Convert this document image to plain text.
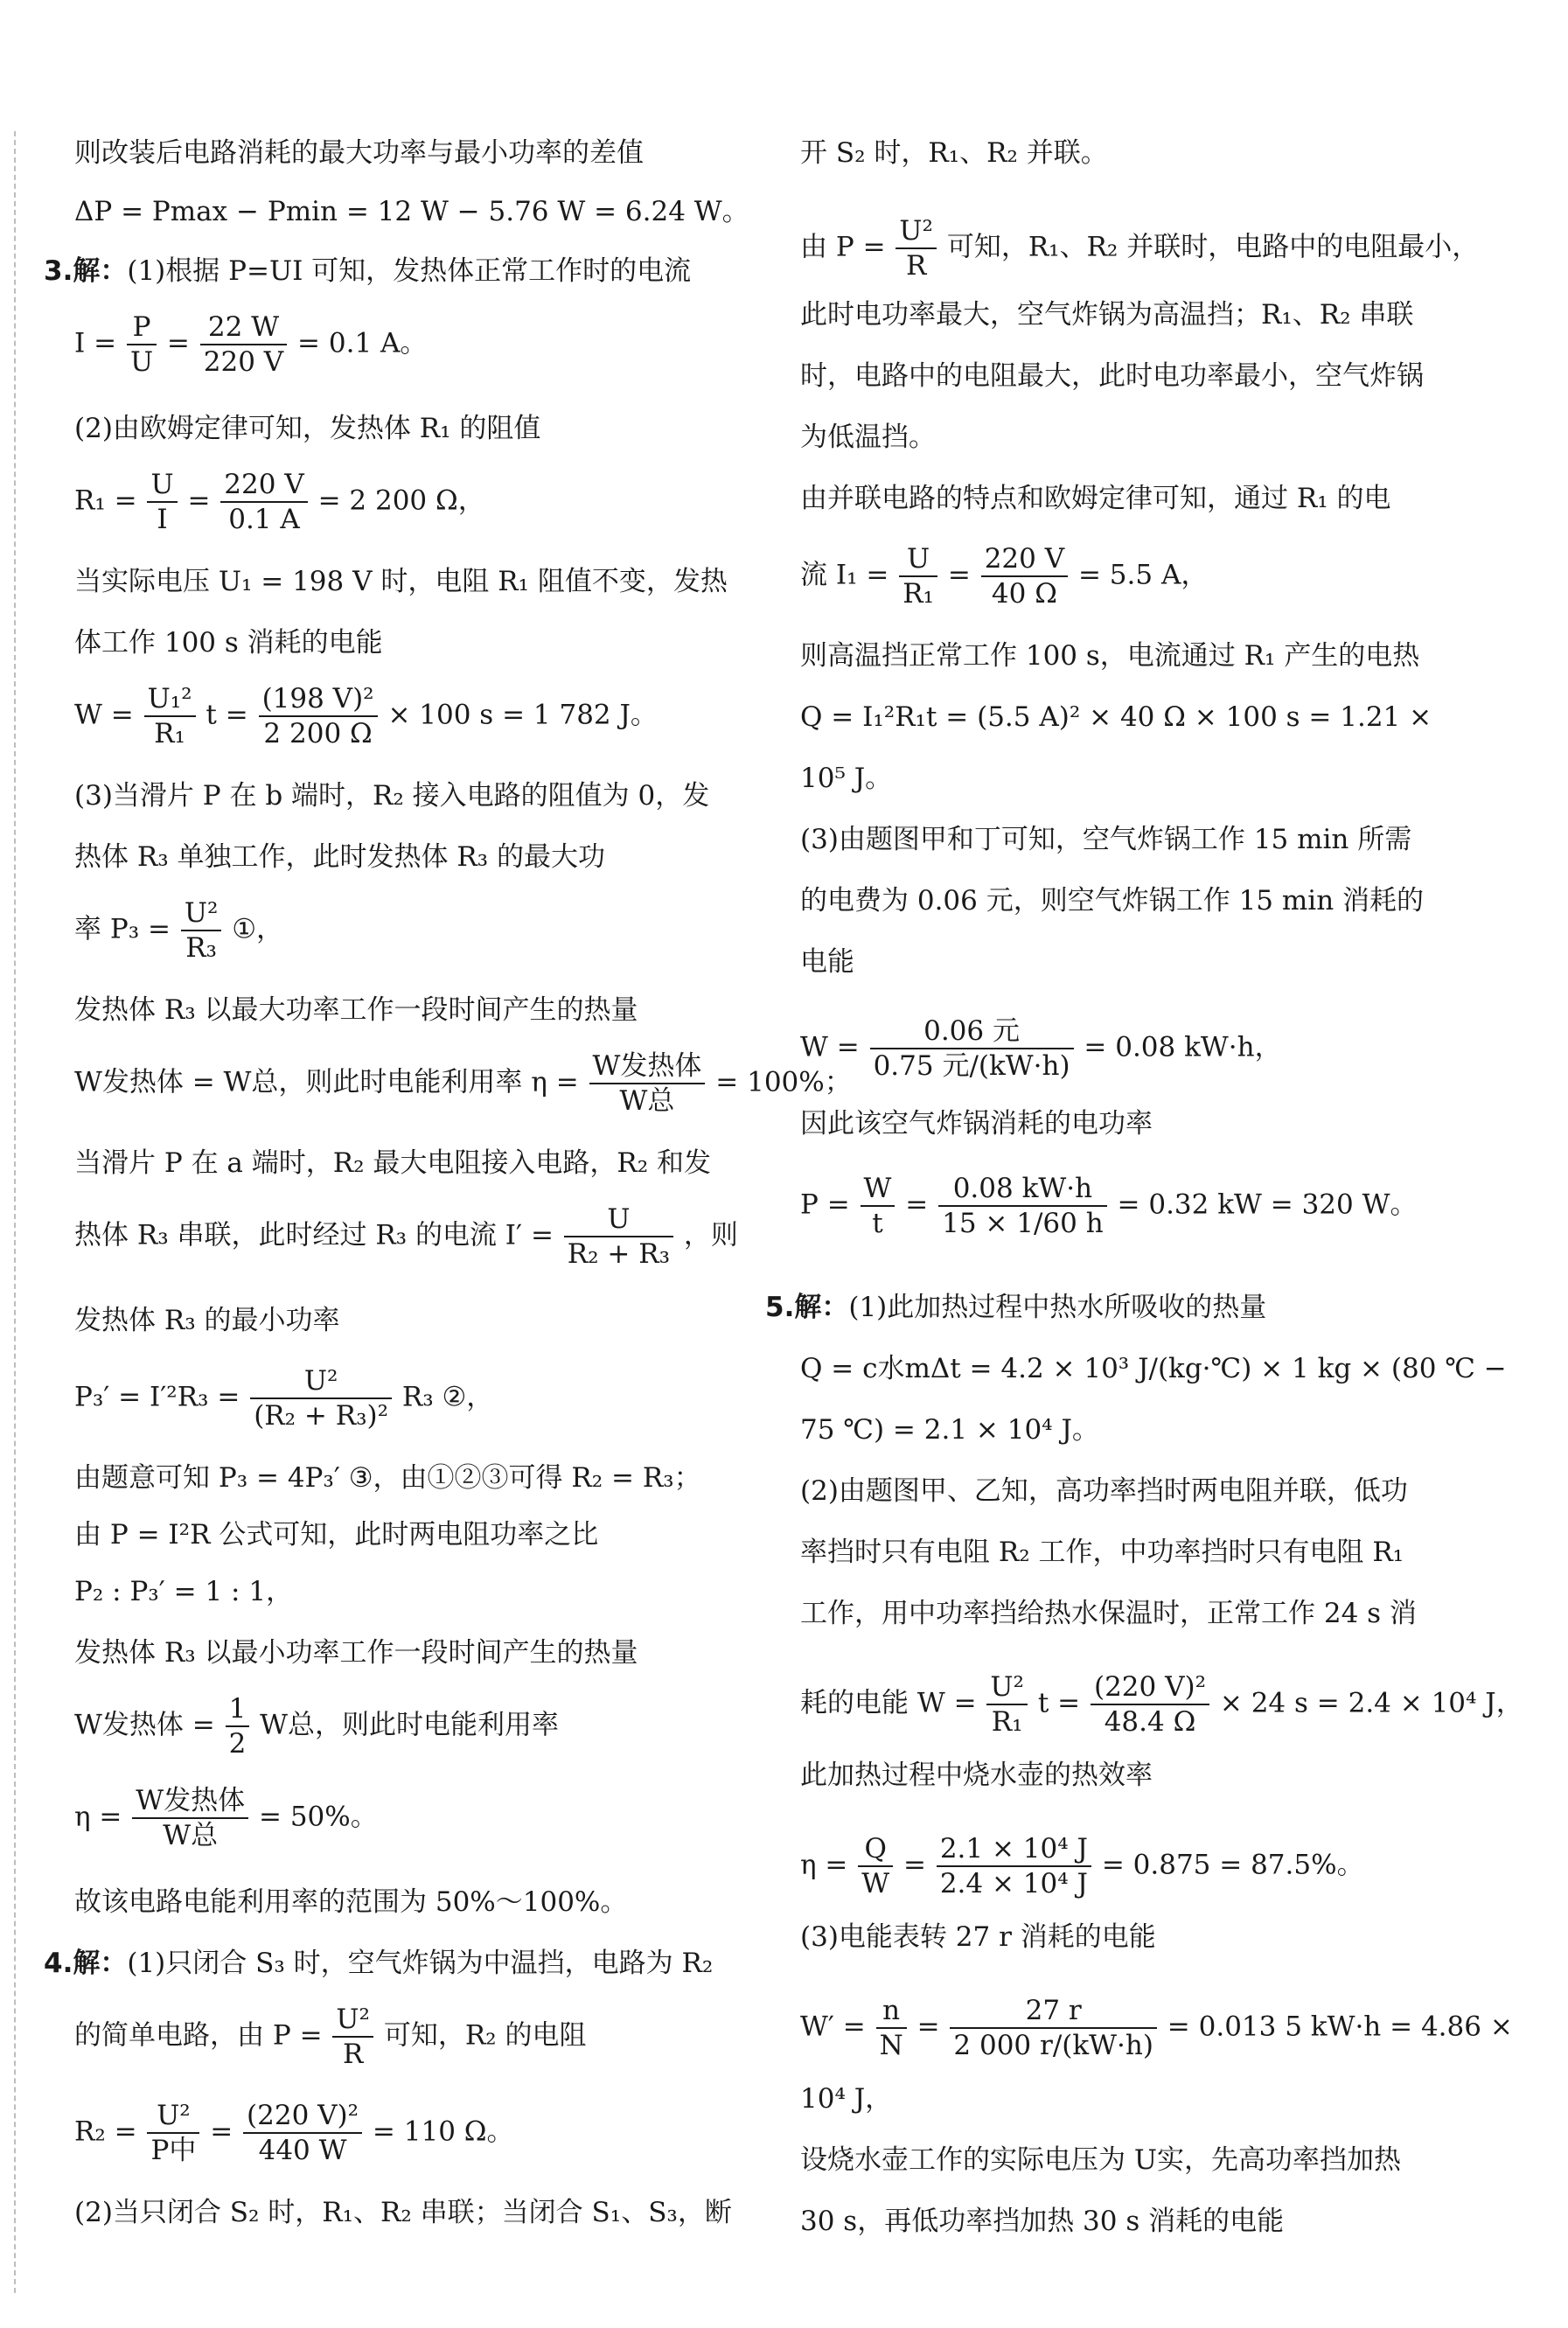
则改装后电路消耗的最大功率与最小功率的差值
ΔP = Pmax − Pmin = 12 W − 5.76 W = 6.24 W。
3.解：(1)根据 P=UI 可知，发热体正常工作时的电流
$I = \frac{P}{U} = \frac{22 W}{220 V} = 0.1$ A。
(2)由欧姆定律可知，发热体 R₁ 的阻值
$R_1 = \frac{U}{I} = \frac{220 V}{0.1 A} = 2$ 200 Ω，
当实际电压 U₁ = 198 V 时，电阻 R₁ 阻值不变，发热
体工作 100 s 消耗的电能
$W = \frac{\text{U₁²}}{\text{R₁}}$ $t = \frac{\text{(198 V)²}}{2 200 \Omega} \times 100$ s = 1 782 J。
(3)当滑片 P 在 b 端时，R₂ 接入电路的阻值为 0，发
热体 R₃ 单独工作，此时发热体 R₃ 的最大功
率 $P_3 = \frac{\text{U²}}{\text{R₃}}$ ①，
发热体 R₃ 以最大功率工作一段时间产生的热量
W发热体 = W总，则此时电能利用率 $\eta = \frac{\text{W发热体}}{\text{W总}} = 100\%$；
当滑片 P 在 a 端时，R₂ 最大电阻接入电路，R₂ 和发
热体 R₃ 串联，此时经过 R₃ 的电流 $I' = \frac{U}{\text{R₂ + R₃}}$ ，则
发热体 R₃ 的最小功率
$P_3' = I'^2R_3 = \frac{\text{U²}}{\text{(R₂ + R₃)²}} R_3$ ②，
由题意可知 P₃ = 4P₃′ ③，由①②③可得 R₂ = R₃；
由 P = I²R 公式可知，此时两电阻功率之比
P₂ : P₃′ = 1 : 1，
发热体 R₃ 以最小功率工作一段时间产生的热量
W发热体 = $\frac{1}{2}$ W总，则此时电能利用率
$\eta = \frac{\text{W发热体}}{\text{W总}} = 50\%$。
故该电路电能利用率的范围为 50%～100%。
4.解：(1)只闭合 S₃ 时，空气炸锅为中温挡，电路为 R₂
的简单电路，由 $P = \frac{\text{U²}}{R}$ 可知，R₂ 的电阻
$R_2 = \frac{\text{U²}}{\text{P中}} = \frac{\text{(220 V)²}}{440 W} = 110$ Ω。
(2)当只闭合 S₂ 时，R₁、R₂ 串联；当闭合 S₁、S₃，断
开 S₂ 时，R₁、R₂ 并联。
由 $P = \frac{\text{U²}}{R}$ 可知，R₁、R₂ 并联时，电路中的电阻最小，
此时电功率最大，空气炸锅为高温挡；R₁、R₂ 串联
时，电路中的电阻最大，此时电功率最小，空气炸锅
为低温挡。
由并联电路的特点和欧姆定律可知，通过 R₁ 的电
流 $I_1 = \frac{U}{\text{R₁}} = \frac{220 V}{40 \Omega} = 5.5$ A，
则高温挡正常工作 100 s，电流通过 R₁ 产生的电热
Q = I₁²R₁t = (5.5 A)² × 40 Ω × 100 s = 1.21 ×
10⁵ J。
(3)由题图甲和丁可知，空气炸锅工作 15 min 所需
的电费为 0.06 元，则空气炸锅工作 15 min 消耗的
电能
$W = \frac{\text{0.06 元}}{\text{0.75 元/(kW·h)}} = 0.08$ kW·h，
因此该空气炸锅消耗的电功率
$P = \frac{W}{t} = \frac{0.08 kW\cdot h}{15 \times 1/60 h} = 0.32$ kW = 320 W。
5.解：(1)此加热过程中热水所吸收的热量
Q = c水mΔt = 4.2 × 10³ J/(kg·℃) × 1 kg × (80 ℃ −
75 ℃) = 2.1 × 10⁴ J。
(2)由题图甲、乙知，高功率挡时两电阻并联，低功
率挡时只有电阻 R₂ 工作，中功率挡时只有电阻 R₁
工作，用中功率挡给热水保温时，正常工作 24 s 消
耗的电能 $W = \frac{\text{U²}}{\text{R₁}}$ $t = \frac{\text{(220 V)²}}{48.4 \Omega} \times 24$ s = 2.4 × 10⁴ J，
此加热过程中烧水壶的热效率
$\eta = \frac{Q}{W} = \frac{\text{2.1 × 10⁴ J}}{\text{2.4 × 10⁴ J}} = 0.875 = 87.5\%$。
(3)电能表转 27 r 消耗的电能
$W' = \frac{n}{N} = \frac{27 r}{2 000 r/(kW\cdot h)} = 0.013$ 5 kW·h = 4.86 ×
10⁴ J，
设烧水壶工作的实际电压为 U实，先高功率挡加热
30 s，再低功率挡加热 30 s 消耗的电能
